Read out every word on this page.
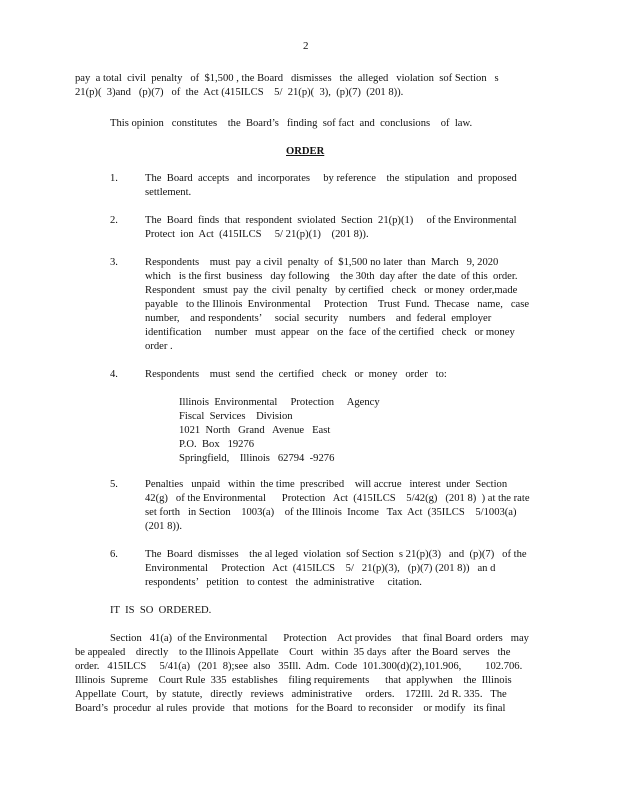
2
pay  a total  civil  penalty   of  $1,500 , the Board   dismisses   the  alleged   violation  sof Section   s
21(p)(  3)and   (p)(7)   of  the  Act (415ILCS    5/  21(p)(  3),  (p)(7)  (201 8)).
This opinion   constitutes    the  Board’s   finding  sof fact  and  conclusions    of  law.
ORDER
1.	The  Board  accepts   and  incorporates     by reference    the  stipulation   and  proposed
settlement.
2.	The  Board  finds  that  respondent  sviolated  Section  21(p)(1)     of the Environmental
Protect  ion  Act  (415ILCS     5/ 21(p)(1)    (201 8)).
3.	Respondents    must  pay  a civil  penalty  of  $1,500 no later  than  March   9, 2020
which   is the first  business   day following    the 30th  day after  the date  of this  order.
Respondent   smust  pay  the  civil  penalty   by certified   check   or money  order,made
payable   to the Illinois  Environmental     Protection    Trust  Fund.  Thecase   name,   case
number,    and respondents’     social  security    numbers    and  federal  employer
identification     number   must  appear   on the  face  of the certified   check   or money
order .
4.	Respondents    must  send  the  certified   check   or  money   order   to:
Illinois  Environmental     Protection     Agency
Fiscal  Services    Division
1021  North   Grand   Avenue   East
P.O.  Box   19276
Springfield,    Illinois   62794  -9276
5.	Penalties   unpaid   within  the time  prescribed    will accrue   interest  under  Section
42(g)   of the Environmental      Protection   Act  (415ILCS    5/42(g)   (201 8)  ) at the rate
set forth   in Section    1003(a)    of the Illinois  Income   Tax  Act  (35ILCS    5/1003(a)
(201 8)).
6.	The  Board  dismisses    the al leged  violation  sof Section  s 21(p)(3)   and  (p)(7)   of the
Environmental     Protection   Act  (415ILCS    5/   21(p)(3),   (p)(7) (201 8))   an d
respondents’   petition   to contest   the  administrative     citation.
IT  IS  SO  ORDERED.
Section   41(a)  of the Environmental      Protection    Act provides    that  final Board  orders   may
be appealed    directly    to the Illinois Appellate    Court   within  35 days  after  the Board  serves   the
order.   415ILCS     5/41(a)   (201  8);see  also   35Ill.  Adm.  Code  101.300(d)(2),101.906,         102.706.
Illinois  Supreme    Court Rule  335  establishes    filing requirements      that  applywhen    the  Illinois
Appellate  Court,   by  statute,   directly   reviews   administrative     orders.    172Ill.  2d R. 335.   The
Board’s  procedur  al rules  provide   that  motions   for the Board  to reconsider    or modify   its final
